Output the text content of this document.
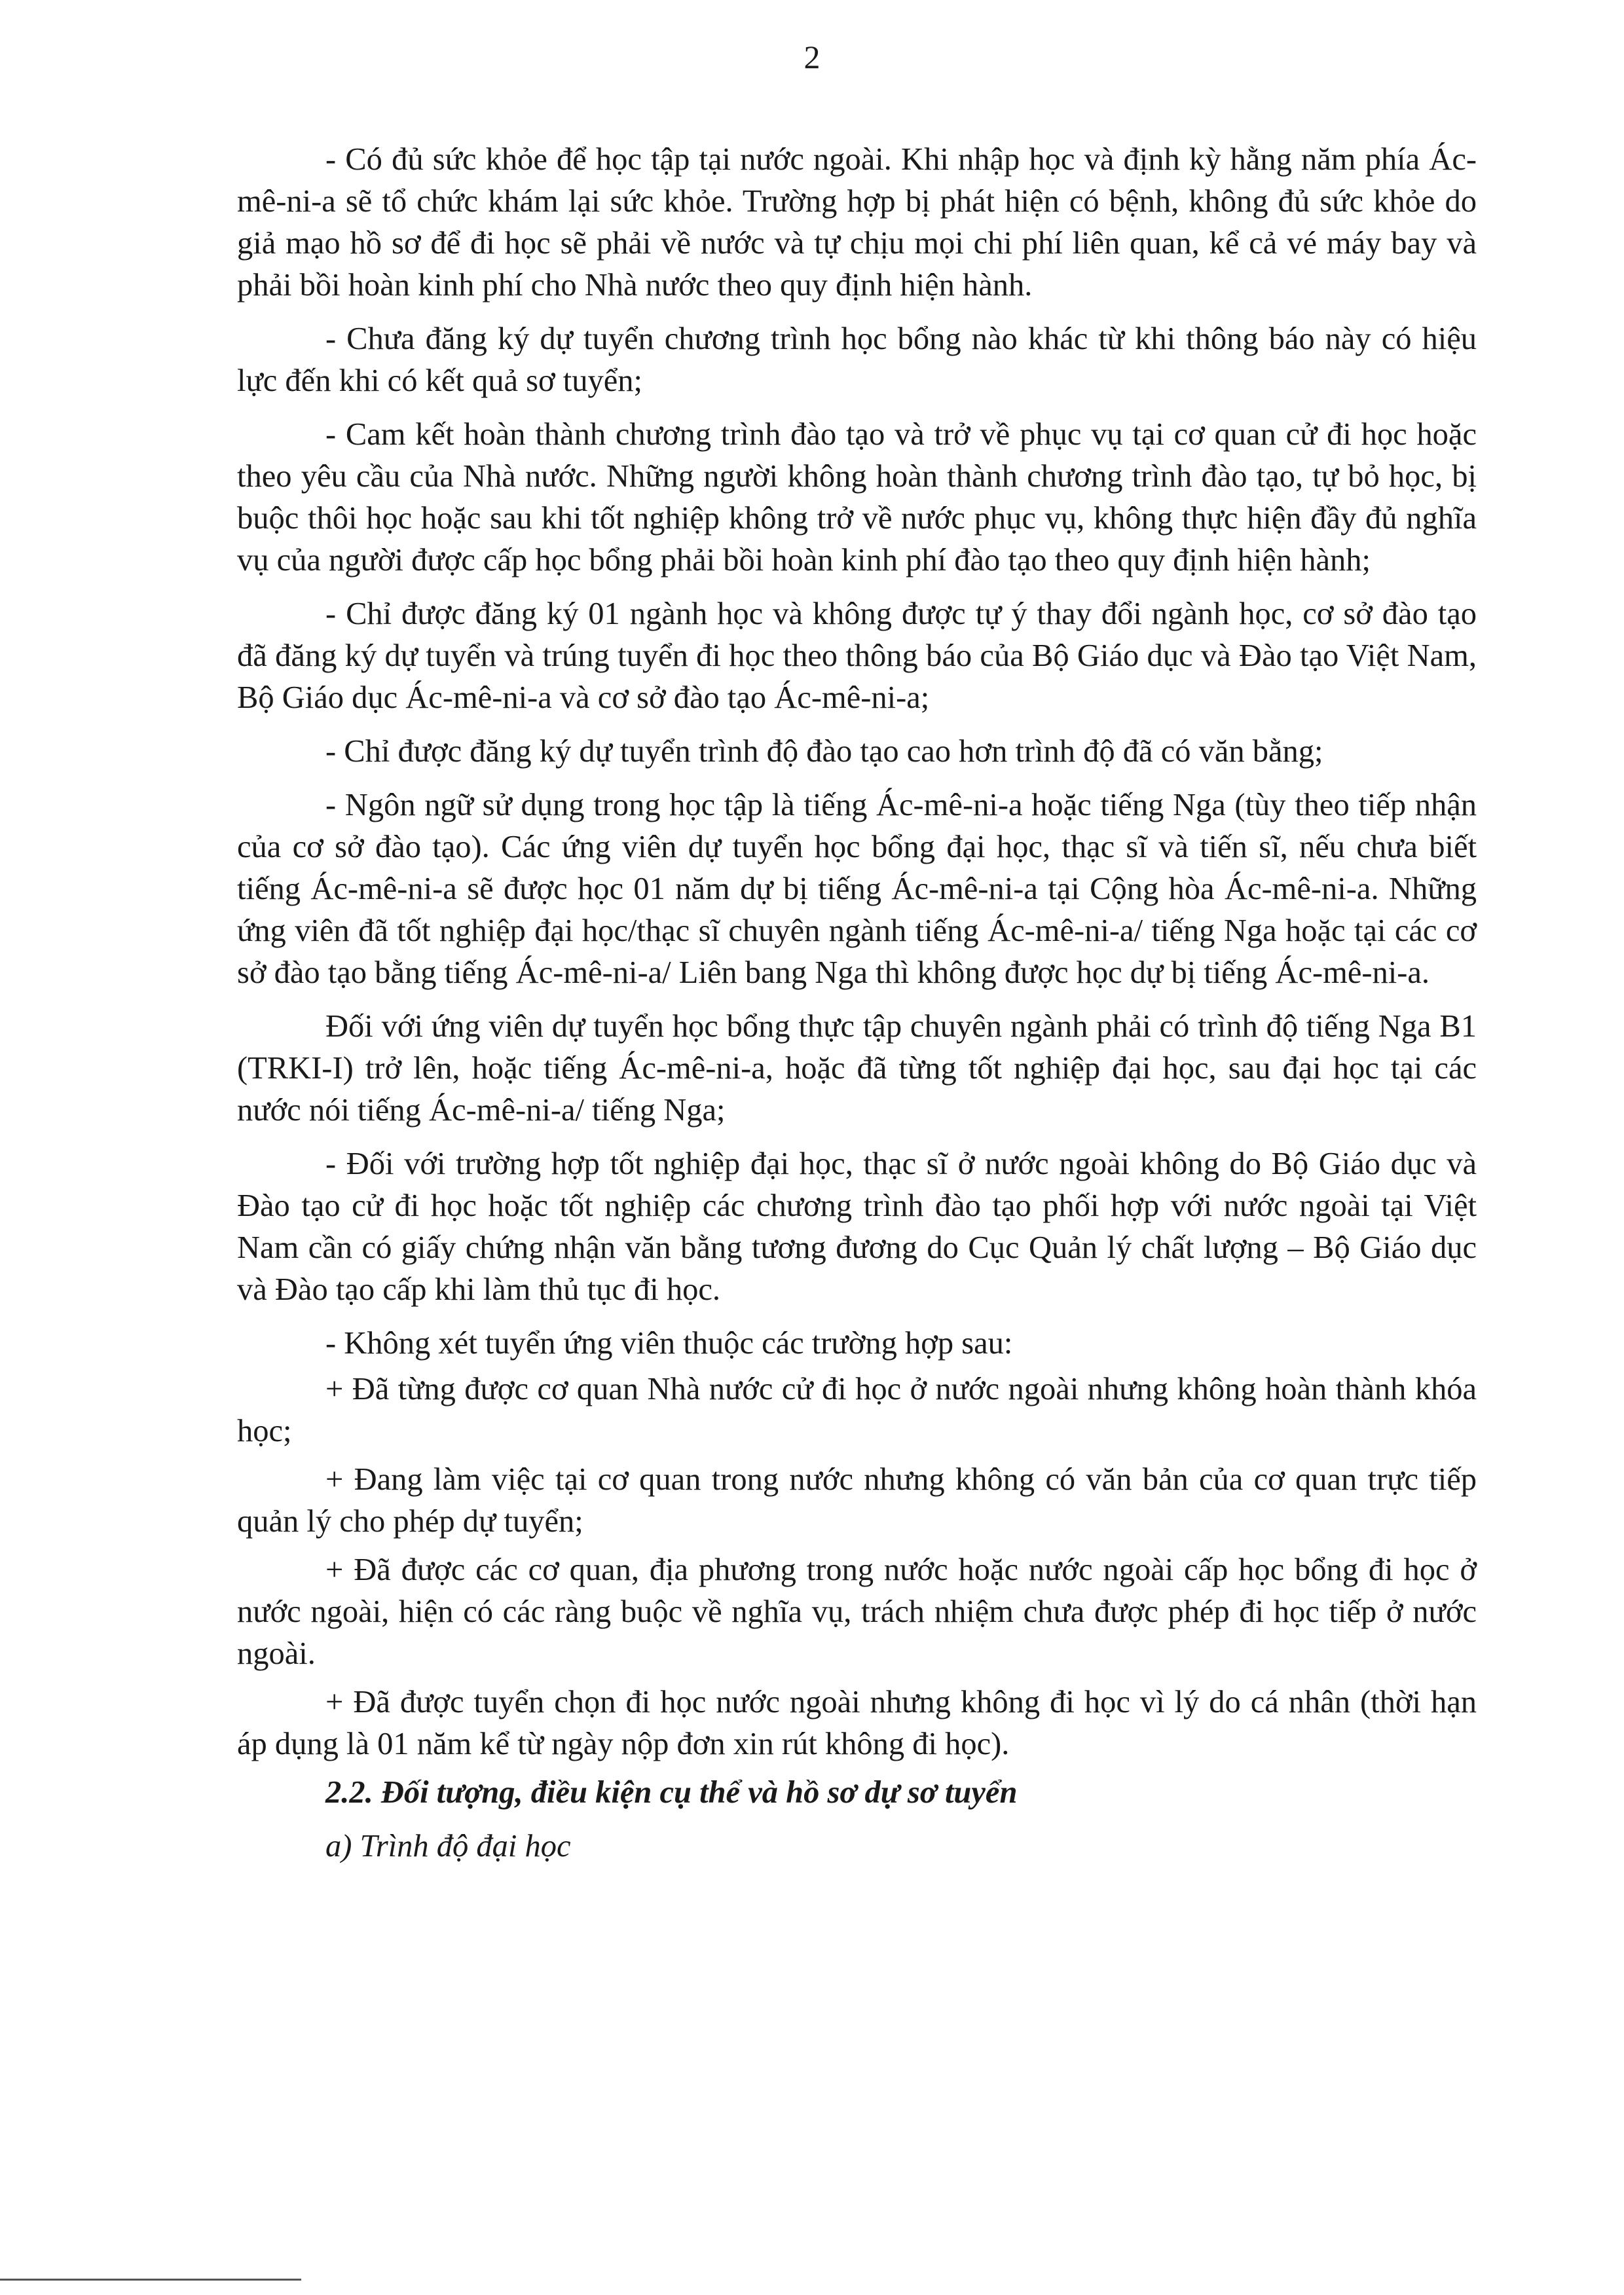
2

- Có đủ sức khỏe để học tập tại nước ngoài. Khi nhập học và định kỳ hằng năm phía Ác-mê-ni-a sẽ tổ chức khám lại sức khỏe. Trường hợp bị phát hiện có bệnh, không đủ sức khỏe do giả mạo hồ sơ để đi học sẽ phải về nước và tự chịu mọi chi phí liên quan, kể cả vé máy bay và phải bồi hoàn kinh phí cho Nhà nước theo quy định hiện hành.

- Chưa đăng ký dự tuyển chương trình học bổng nào khác từ khi thông báo này có hiệu lực đến khi có kết quả sơ tuyển;

- Cam kết hoàn thành chương trình đào tạo và trở về phục vụ tại cơ quan cử đi học hoặc theo yêu cầu của Nhà nước. Những người không hoàn thành chương trình đào tạo, tự bỏ học, bị buộc thôi học hoặc sau khi tốt nghiệp không trở về nước phục vụ, không thực hiện đầy đủ nghĩa vụ của người được cấp học bổng phải bồi hoàn kinh phí đào tạo theo quy định hiện hành;

- Chỉ được đăng ký 01 ngành học và không được tự ý thay đổi ngành học, cơ sở đào tạo đã đăng ký dự tuyển và trúng tuyển đi học theo thông báo của Bộ Giáo dục và Đào tạo Việt Nam, Bộ Giáo dục Ác-mê-ni-a và cơ sở đào tạo Ác-mê-ni-a;

- Chỉ được đăng ký dự tuyển trình độ đào tạo cao hơn trình độ đã có văn bằng;

- Ngôn ngữ sử dụng trong học tập là tiếng Ác-mê-ni-a hoặc tiếng Nga (tùy theo tiếp nhận của cơ sở đào tạo). Các ứng viên dự tuyển học bổng đại học, thạc sĩ và tiến sĩ, nếu chưa biết tiếng Ác-mê-ni-a sẽ được học 01 năm dự bị tiếng Ác-mê-ni-a tại Cộng hòa Ác-mê-ni-a. Những ứng viên đã tốt nghiệp đại học/thạc sĩ chuyên ngành tiếng Ác-mê-ni-a/ tiếng Nga hoặc tại các cơ sở đào tạo bằng tiếng Ác-mê-ni-a/ Liên bang Nga thì không được học dự bị tiếng Ác-mê-ni-a.

Đối với ứng viên dự tuyển học bổng thực tập chuyên ngành phải có trình độ tiếng Nga B1 (TRKI-I) trở lên, hoặc tiếng Ác-mê-ni-a, hoặc đã từng tốt nghiệp đại học, sau đại học tại các nước nói tiếng Ác-mê-ni-a/ tiếng Nga;

- Đối với trường hợp tốt nghiệp đại học, thạc sĩ ở nước ngoài không do Bộ Giáo dục và Đào tạo cử đi học hoặc tốt nghiệp các chương trình đào tạo phối hợp với nước ngoài tại Việt Nam cần có giấy chứng nhận văn bằng tương đương do Cục Quản lý chất lượng – Bộ Giáo dục và Đào tạo cấp khi làm thủ tục đi học.

- Không xét tuyển ứng viên thuộc các trường hợp sau:

+ Đã từng được cơ quan Nhà nước cử đi học ở nước ngoài nhưng không hoàn thành khóa học;

+ Đang làm việc tại cơ quan trong nước nhưng không có văn bản của cơ quan trực tiếp quản lý cho phép dự tuyển;

+ Đã được các cơ quan, địa phương trong nước hoặc nước ngoài cấp học bổng đi học ở nước ngoài, hiện có các ràng buộc về nghĩa vụ, trách nhiệm chưa được phép đi học tiếp ở nước ngoài.

+ Đã được tuyển chọn đi học nước ngoài nhưng không đi học vì lý do cá nhân (thời hạn áp dụng là 01 năm kể từ ngày nộp đơn xin rút không đi học).

2.2. Đối tượng, điều kiện cụ thể và hồ sơ dự sơ tuyển

a) Trình độ đại học
